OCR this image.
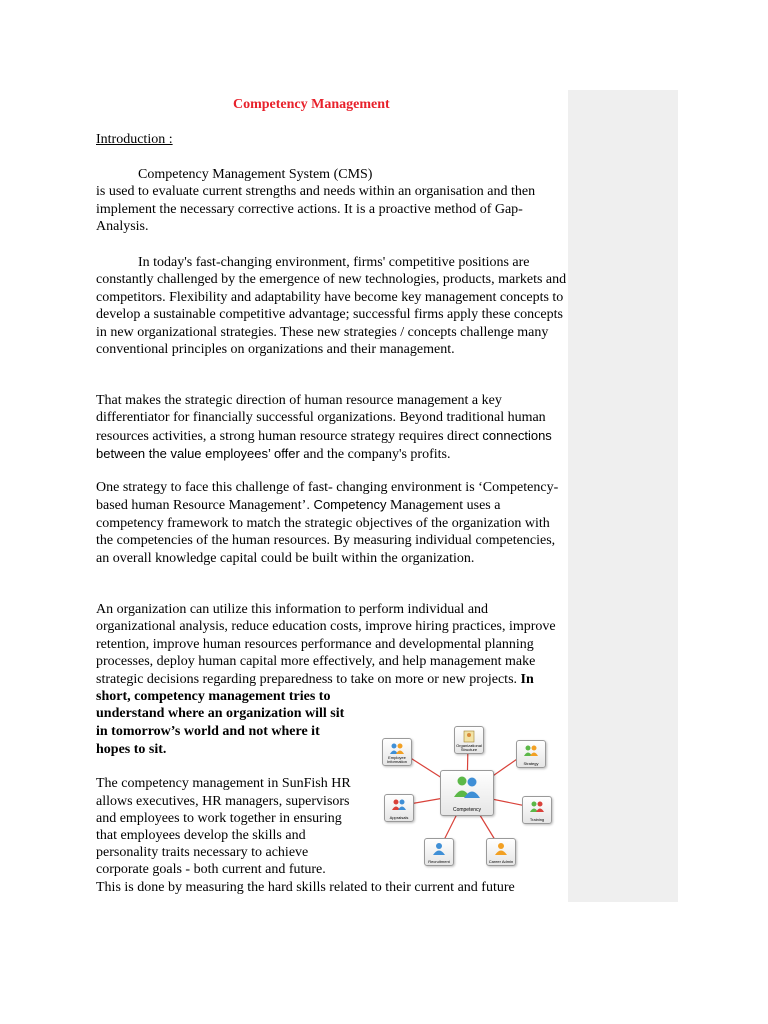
Competency Management
Introduction :

Competency Management System (CMS)
is used to evaluate current strengths and needs within an organisation and then implement the necessary corrective actions. It is a proactive method of Gap-Analysis.

In today's fast-changing environment, firms' competitive positions are constantly challenged by the emergence of new technologies, products, markets and competitors. Flexibility and adaptability have become key management concepts to develop a sustainable competitive advantage; successful firms apply these concepts in new organizational strategies. These new strategies / concepts challenge many conventional principles on organizations and their management.

That makes the strategic direction of human resource management a key differentiator for financially successful organizations. Beyond traditional human resources activities, a strong human resource strategy requires direct connections between the value employees’ offer and the company's profits.

One strategy to face this challenge of fast- changing environment is ‘Competency- based human Resource Management’. Competency Management uses a competency framework to match the strategic objectives of the organization with the competencies of the human resources. By measuring individual competencies, an overall knowledge capital could be built within the organization.

An organization can utilize this information to perform individual and organizational analysis, reduce education costs, improve hiring practices, improve retention, improve human resources performance and developmental planning processes, deploy human capital more effectively, and help management make strategic decisions regarding preparedness to take on more or new projects. In short, competency management tries to

understand where an organization will sit
in tomorrow’s world and not where it
hopes to sit.
The competency management in SunFish HR
allows executives, HR managers, supervisors
and employees to work together in ensuring
that employees develop the skills and
personality traits necessary to achieve
corporate goals - both current and future.
This is done by measuring the hard skills related to their current and future
Competency
Organizational Structure
Employee Information	Strategy
Appraisals	Training
Recruitment	Career Admin
